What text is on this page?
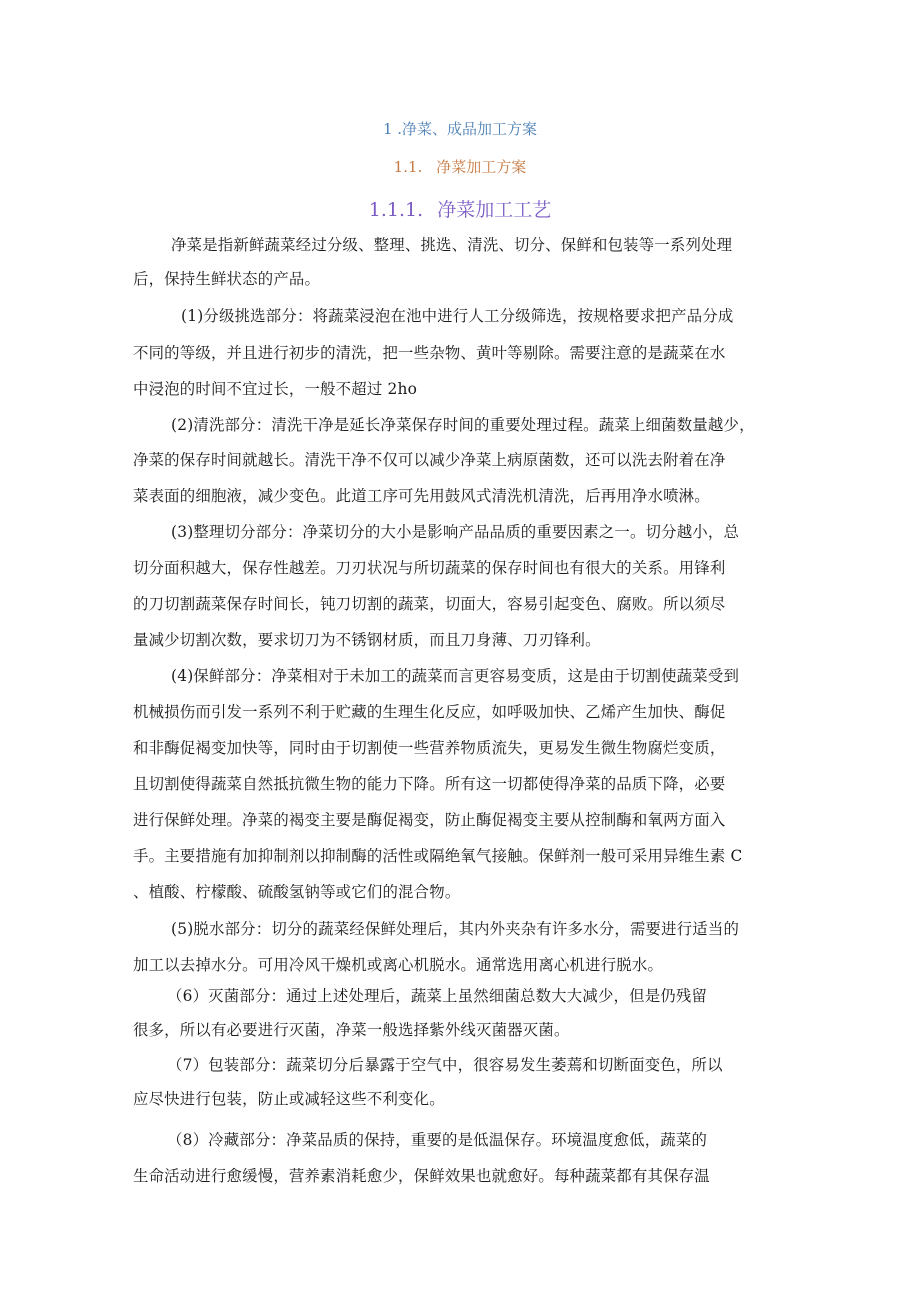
1 .净菜、成品加工方案
1.1. 净菜加工方案
1.1.1. 净菜加工工艺
净菜是指新鲜蔬菜经过分级、整理、挑选、清洗、切分、保鲜和包装等一系列处理
后，保持生鲜状态的产品。
(1)分级挑选部分：将蔬菜浸泡在池中进行人工分级筛选，按规格要求把产品分成
不同的等级，并且进行初步的清洗，把一些杂物、黄叶等剔除。需要注意的是蔬菜在水
中浸泡的时间不宜过长，一般不超过 2ho
(2)清洗部分：清洗干净是延长净菜保存时间的重要处理过程。蔬菜上细菌数量越少，
净菜的保存时间就越长。清洗干净不仅可以减少净菜上病原菌数，还可以洗去附着在净
菜表面的细胞液，减少变色。此道工序可先用鼓风式清洗机清洗，后再用净水喷淋。
(3)整理切分部分：净菜切分的大小是影响产品品质的重要因素之一。切分越小，总
切分面积越大，保存性越差。刀刃状况与所切蔬菜的保存时间也有很大的关系。用锋利
的刀切割蔬菜保存时间长，钝刀切割的蔬菜，切面大，容易引起变色、腐败。所以须尽
量减少切割次数，要求切刀为不锈钢材质，而且刀身薄、刀刃锋利。
(4)保鲜部分：净菜相对于未加工的蔬菜而言更容易变质，这是由于切割使蔬菜受到
机械损伤而引发一系列不利于贮藏的生理生化反应，如呼吸加快、乙烯产生加快、酶促
和非酶促褐变加快等，同时由于切割使一些营养物质流失，更易发生微生物腐烂变质，
且切割使得蔬菜自然抵抗微生物的能力下降。所有这一切都使得净菜的品质下降，必要
进行保鲜处理。净菜的褐变主要是酶促褐变，防止酶促褐变主要从控制酶和氧两方面入
手。主要措施有加抑制剂以抑制酶的活性或隔绝氧气接触。保鲜剂一般可采用异维生素 C
、植酸、柠檬酸、硫酸氢钠等或它们的混合物。
(5)脱水部分：切分的蔬菜经保鲜处理后，其内外夹杂有许多水分，需要进行适当的
加工以去掉水分。可用冷风干燥机或离心机脱水。通常选用离心机进行脱水。
（6）灭菌部分：通过上述处理后，蔬菜上虽然细菌总数大大减少，但是仍残留
很多，所以有必要进行灭菌，净菜一般选择紫外线灭菌器灭菌。
（7）包装部分：蔬菜切分后暴露于空气中，很容易发生萎蔫和切断面变色，所以
应尽快进行包装，防止或减轻这些不利变化。
（8）冷藏部分：净菜品质的保持，重要的是低温保存。环境温度愈低，蔬菜的
生命活动进行愈缓慢，营养素消耗愈少，保鲜效果也就愈好。每种蔬菜都有其保存温
